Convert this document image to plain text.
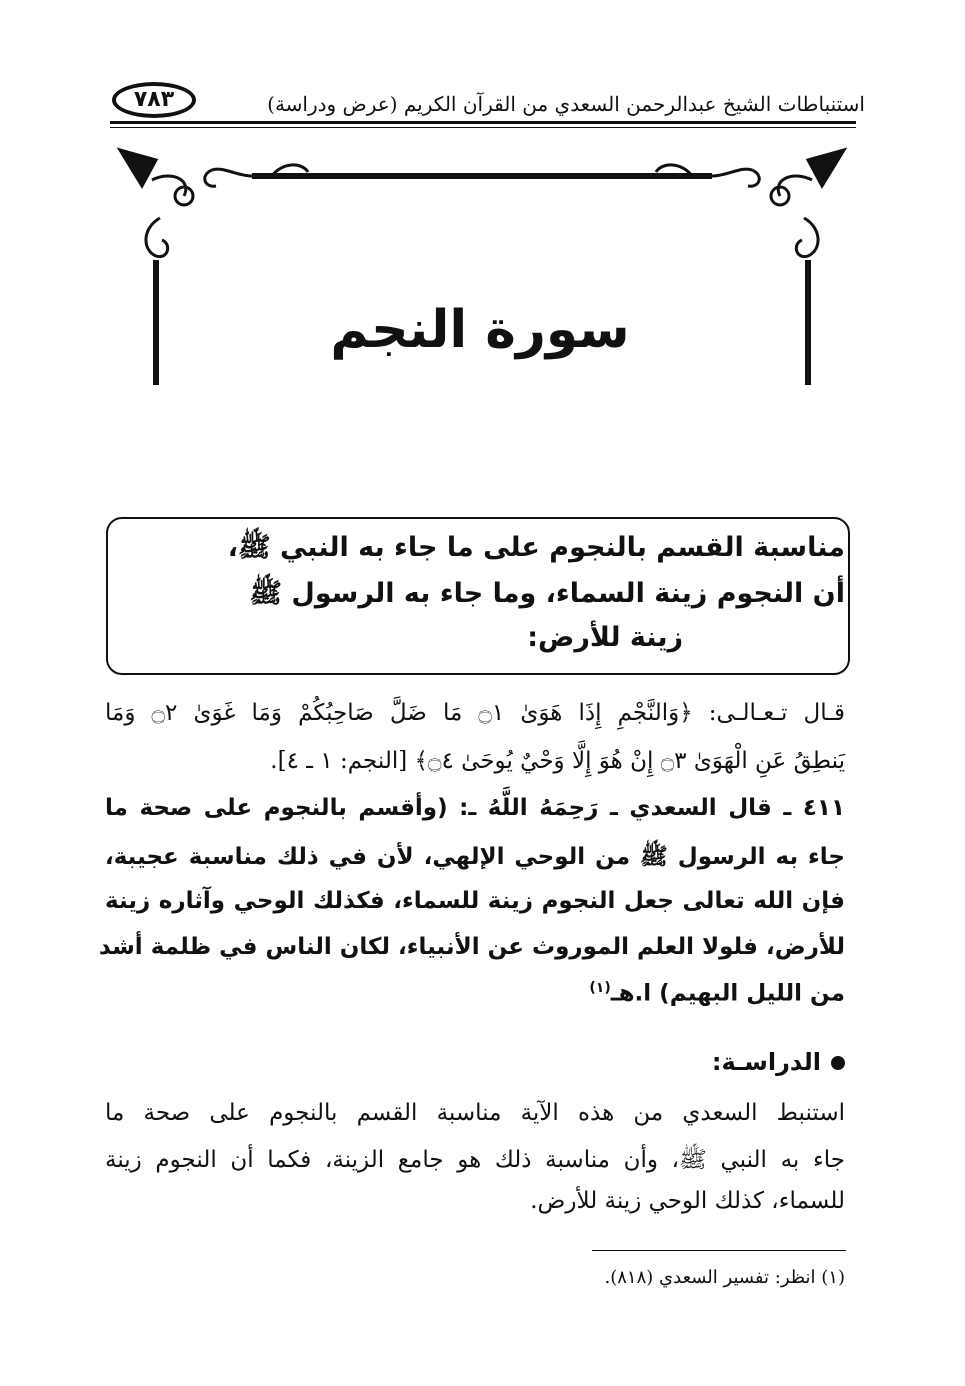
استنباطات الشيخ عبدالرحمن السعدي من القرآن الكريم (عرض ودراسة)
٧٨٣
سورة النجم
مناسبة القسم بالنجوم على ما جاء به النبي ﷺ،
أن النجوم زينة السماء، وما جاء به الرسول ﷺ
زينة للأرض:
قـال تـعـالـى: ﴿وَالنَّجْمِ إِذَا هَوَىٰ ۝١ مَا ضَلَّ صَاحِبُكُمْ وَمَا غَوَىٰ ۝٢ وَمَا
يَنطِقُ عَنِ الْهَوَىٰ ۝٣ إِنْ هُوَ إِلَّا وَحْيٌ يُوحَىٰ ۝٤﴾ [النجم: ١ ـ ٤].
٤١١ ـ قال السعدي ـ رَحِمَهُ اللَّهُ ـ: (وأقسم بالنجوم على صحة ما
جاء به الرسول ﷺ من الوحي الإلهي، لأن في ذلك مناسبة عجيبة،
فإن الله تعالى جعل النجوم زينة للسماء، فكذلك الوحي وآثاره زينة
للأرض، فلولا العلم الموروث عن الأنبياء، لكان الناس في ظلمة أشد
من الليل البهيم) ا.هـ$^{(١)}$
الدراسـة:
استنبط السعدي من هذه الآية مناسبة القسم بالنجوم على صحة ما
جاء به النبي ﷺ، وأن مناسبة ذلك هو جامع الزينة، فكما أن النجوم زينة
للسماء، كذلك الوحي زينة للأرض.
(١) انظر: تفسير السعدي (٨١٨).
